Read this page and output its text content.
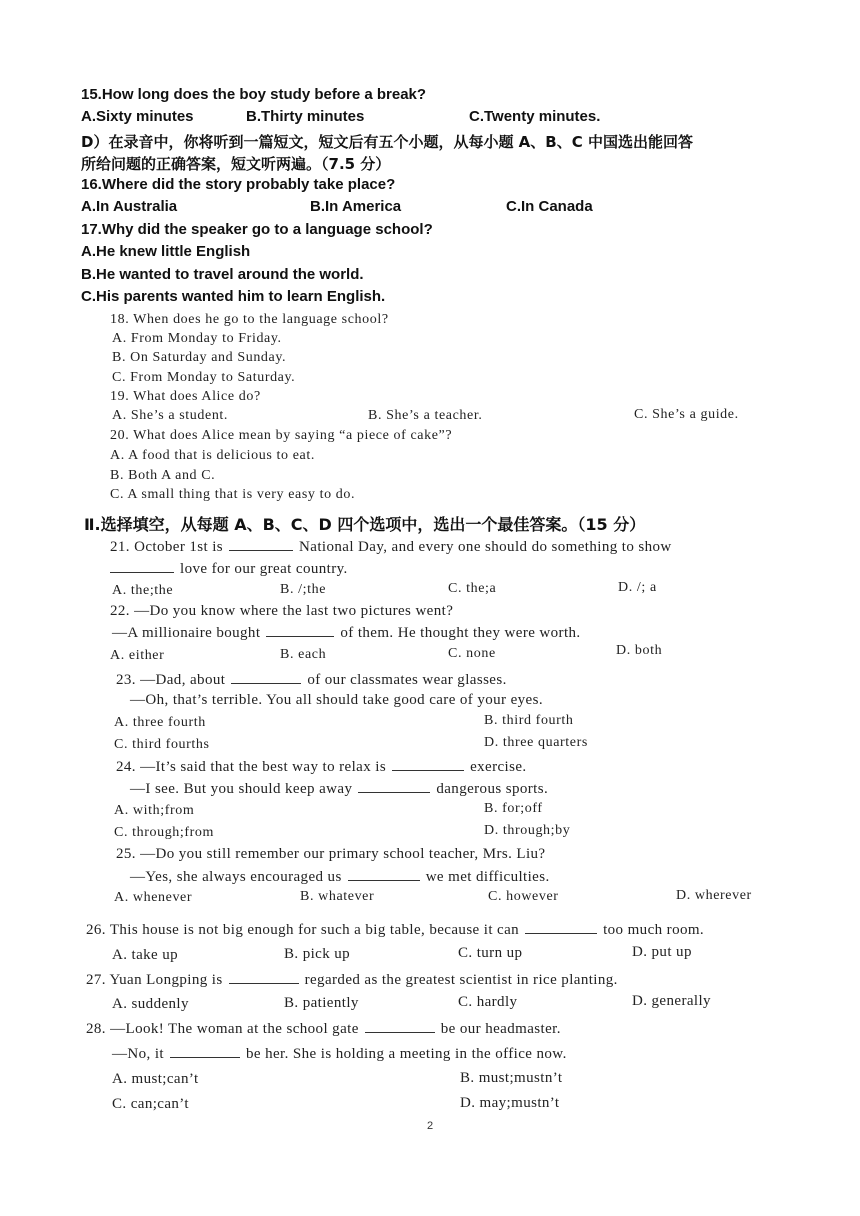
15.How long does the boy study before a break?
A.Sixty minutes	B.Thirty minutes	C.Twenty minutes.
D）在录音中，你将听到一篇短文，短文后有五个小题，从每小题 A、B、C 中国选出能回答
所给问题的正确答案，短文听两遍。（7.5 分）
16.Where did the story probably take place?
A.In Australia	B.In America	C.In Canada
17.Why did the speaker go to a language school?
A.He knew little English
B.He wanted to travel around the world.
C.His parents wanted him to learn English.
18. When does he go to the language school?
A. From Monday to Friday.
B. On Saturday and Sunday.
C. From Monday to Saturday.
19. What does Alice do?
A. She’s a student.	B. She’s a teacher.	C. She’s a guide.
20. What does Alice mean by saying “a piece of cake”?
A. A food that is delicious to eat.
B. Both A and C.
C. A small thing that is very easy to do.
Ⅱ.选择填空，从每题 A、B、C、D 四个选项中，选出一个最佳答案。（15 分）
21. October 1st is	National Day, and every one should do something to show
love for our great country.
A. the;the	B. /;the	C. the;a	D. /; a
22. —Do you know where the last two pictures went?
—A millionaire bought	of them. He thought they were worth.
A. either	B. each	C. none	D. both
23. —Dad, about	of our classmates wear glasses.
—Oh, that’s terrible. You all should take good care of your eyes.
A. three fourth	B. third fourth
C. third fourths	D. three quarters
24. —It’s said that the best way to relax is	exercise.
—I see. But you should keep away	dangerous sports.
A. with;from	B. for;off
C. through;from	D. through;by
25. —Do you still remember our primary school teacher, Mrs. Liu?
—Yes, she always encouraged us	we met difficulties.
A. whenever	B. whatever	C. however	D. wherever
26. This house is not big enough for such a big table, because it can	too much room.
A. take up	B. pick up	C. turn up	D. put up
27. Yuan Longping is	regarded as the greatest scientist in rice planting.
A. suddenly	B. patiently	C. hardly	D. generally
28. —Look! The woman at the school gate	be our headmaster.
—No, it	be her. She is holding a meeting in the office now.
A. must;can’t	B. must;mustn’t
C. can;can’t	D. may;mustn’t
2
